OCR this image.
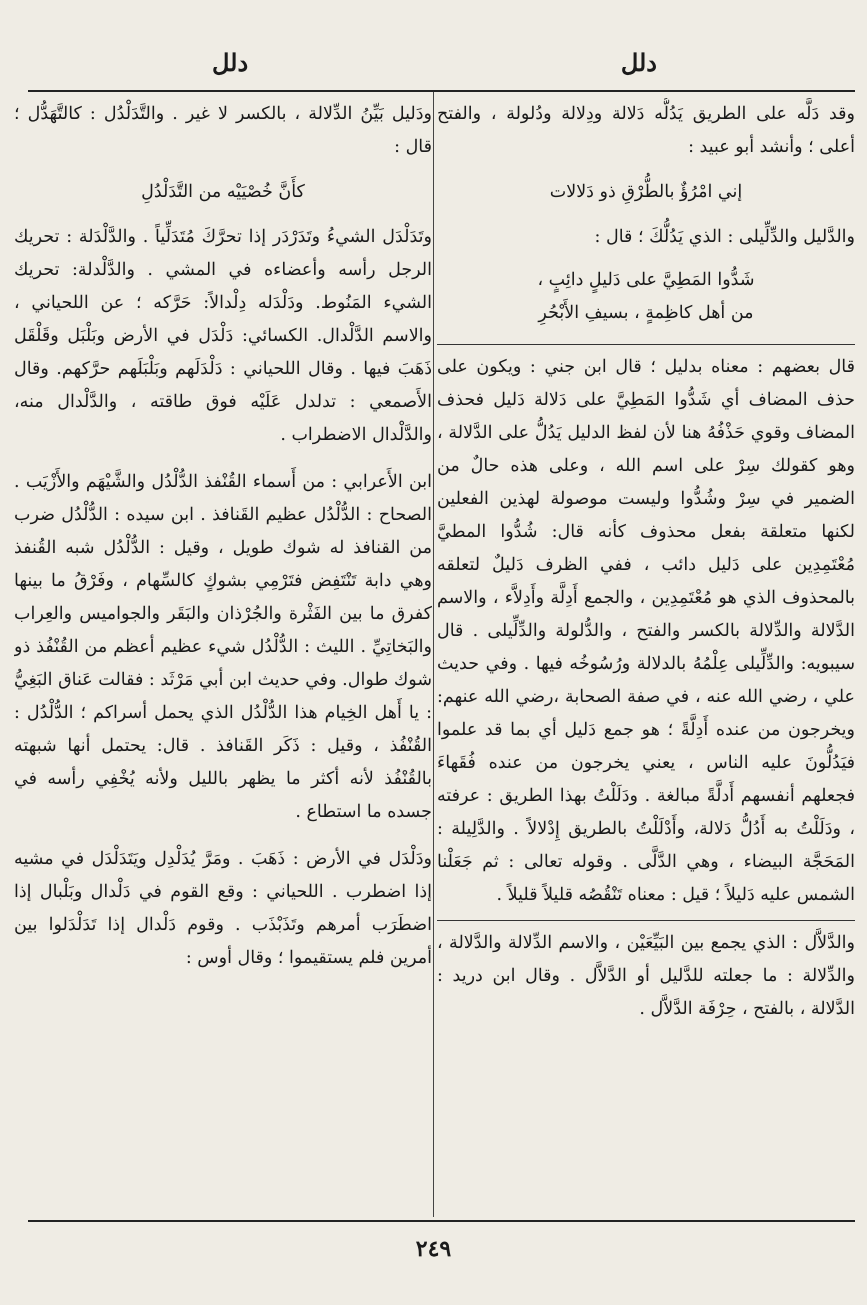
دلل
دلل

وقد دَلَّه على الطريق يَدُلُّه دَلالة ودِلالة ودُلولة ، والفتح أعلى ؛ وأنشد أبو عبيد :

إني امْرُؤٌ بالطُّرْقِ ذو دَلالات

والدَّليل والدِّلِّيلى : الذي يَدُلُّكَ ؛ قال :

شَدُّوا المَطِيَّ على دَليلٍ دائِبٍ ،
من أهل كاظِمةٍ ، بسيفِ الأَبْحُرِ

قال بعضهم : معناه بدليل ؛ قال ابن جني : ويكون على حذف المضاف أي شَدُّوا المَطِيَّ على دَلالة دَليل فحذف المضاف وقوي حَذْفُهُ هنا لأن لفظ الدليل يَدُلُّ على الدَّلالة ، وهو كقولك سِرْ على اسم الله ، وعلى هذه حالٌ من الضمير في سِرْ وشُدُّوا وليست موصولة لهذين الفعلين لكنها متعلقة بفعل محذوف كأنه قال: شُدُّوا المطيَّ مُعْتَمِدِين على دَليل دائب ، ففي الظرف دَليلٌ لتعلقه بالمحذوف الذي هو مُعْتَمِدِين ، والجمع أَدِلَّة وأَدِلاَّء ، والاسم الدَّلالة والدِّلالة بالكسر والفتح ، والدُّلولة والدِّلِّيلى . قال سيبويه: والدِّلِّيلى عِلْمُهُ بالدلالة ورُسُوخُه فيها . وفي حديث علي ، رضي الله عنه ، في صفة الصحابة ،رضي الله عنهم: ويخرجون من عنده أَدِلَّةً ؛ هو جمع دَليل أي بما قد علموا فيَدُلُّونَ عليه الناس ، يعني يخرجون من عنده فُقَهاءَ فجعلهم أنفسهم أَدلَّةً مبالغة . ودَلَلْتُ بهذا الطريق : عرفته ، ودَلَلْتُ به أَدُلُّ دَلالة، وأَدْلَلْتُ بالطريق إِدْلالاً . والدَّلِيلة : المَحَجَّة البيضاء ، وهي الدَّلَّى . وقوله تعالى : ثم جَعَلْنا الشمس عليه دَليلاً ؛ قيل : معناه تَنْقُصُه قليلاً قليلاً .

والدَّلاَّل : الذي يجمع بين البَيِّعَيْن ، والاسم الدِّلالة والدَّلالة ، والدِّلالة : ما جعلته للدَّليل أو الدَّلاَّل . وقال ابن دريد : الدَّلالة ، بالفتح ، حِرْفَة الدَّلاَّل .

ودَليل بَيِّنُ الدِّلالة ، بالكسر لا غير . والتَّدَلْدُل : كالتَّهَدُّل ؛ قال :

كأَنَّ خُصْيَيْه من التَّدَلْدُلِ

وتَدَلْدَل الشيءُ وتَدَرْدَر إذا تحرَّكَ مُتَدَلِّياً . والدَّلْدَلة : تحريك الرجل رأسه وأعضاءه في المشي . والدَّلْدلة: تحريك الشيء المَنُوط. ودَلْدَله دِلْدالاً: حَرَّكه ؛ عن اللحياني ، والاسم الدَّلْدال. الكسائي: دَلْدَل في الأرض وبَلْبَل وقَلْقَل ذَهَبَ فيها . وقال اللحياني : دَلْدَلَهم وبَلْبَلَهم حرَّكهم. وقال الأَصمعي : تدلدل عَلَيْه فوق طاقته ، والدَّلْدال منه، والدَّلْدال الاضطراب .

ابن الأَعرابي : من أَسماء القُنْفذ الدُّلْدُل والشَّيْهَم والأَزْيَب . الصحاح : الدُّلْدُل عظيم القَنافذ . ابن سيده : الدُّلْدُل ضرب من القنافذ له شوك طويل ، وقيل : الدُّلْدُل شبه القُنفذ وهي دابة تَنْتَفِض فتَرْمِي بشوكٍ كالسِّهام ، وفَرْقُ ما بينها كفرق ما بين الفَثْرة والجُرْذان والبَقَر والجواميس والعِراب والبَخاتِيِّ . الليث : الدُّلْدُل شيء عظيم أعظم من القُنْفُذ ذو شوك طوال. وفي حديث ابن أبي مَرْثَد : فقالت عَناق البَغِيُّ : يا أَهل الخِيام هذا الدُّلْدُل الذي يحمل أسراكم ؛ الدُّلْدُل : القُنْفُذ ، وقيل : ذَكَر القَنافذ . قال: يحتمل أنها شبهته بالقُنْفُذ لأنه أكثر ما يظهر بالليل ولأنه يُخْفِي رأسه في جسده ما استطاع .

ودَلْدَل في الأرض : ذَهَبَ . ومَرَّ يُدَلْدِل ويَتَدَلْدَل في مشيه إذا اضطرب . اللحياني : وقع القوم في دَلْدال وبَلْبال إذا اضطَرَب أمرهم وتَذَبْذَب . وقوم دَلْدال إذا تَدَلْدَلوا بين أمرين فلم يستقيموا ؛ وقال أوس :

٢٤٩
